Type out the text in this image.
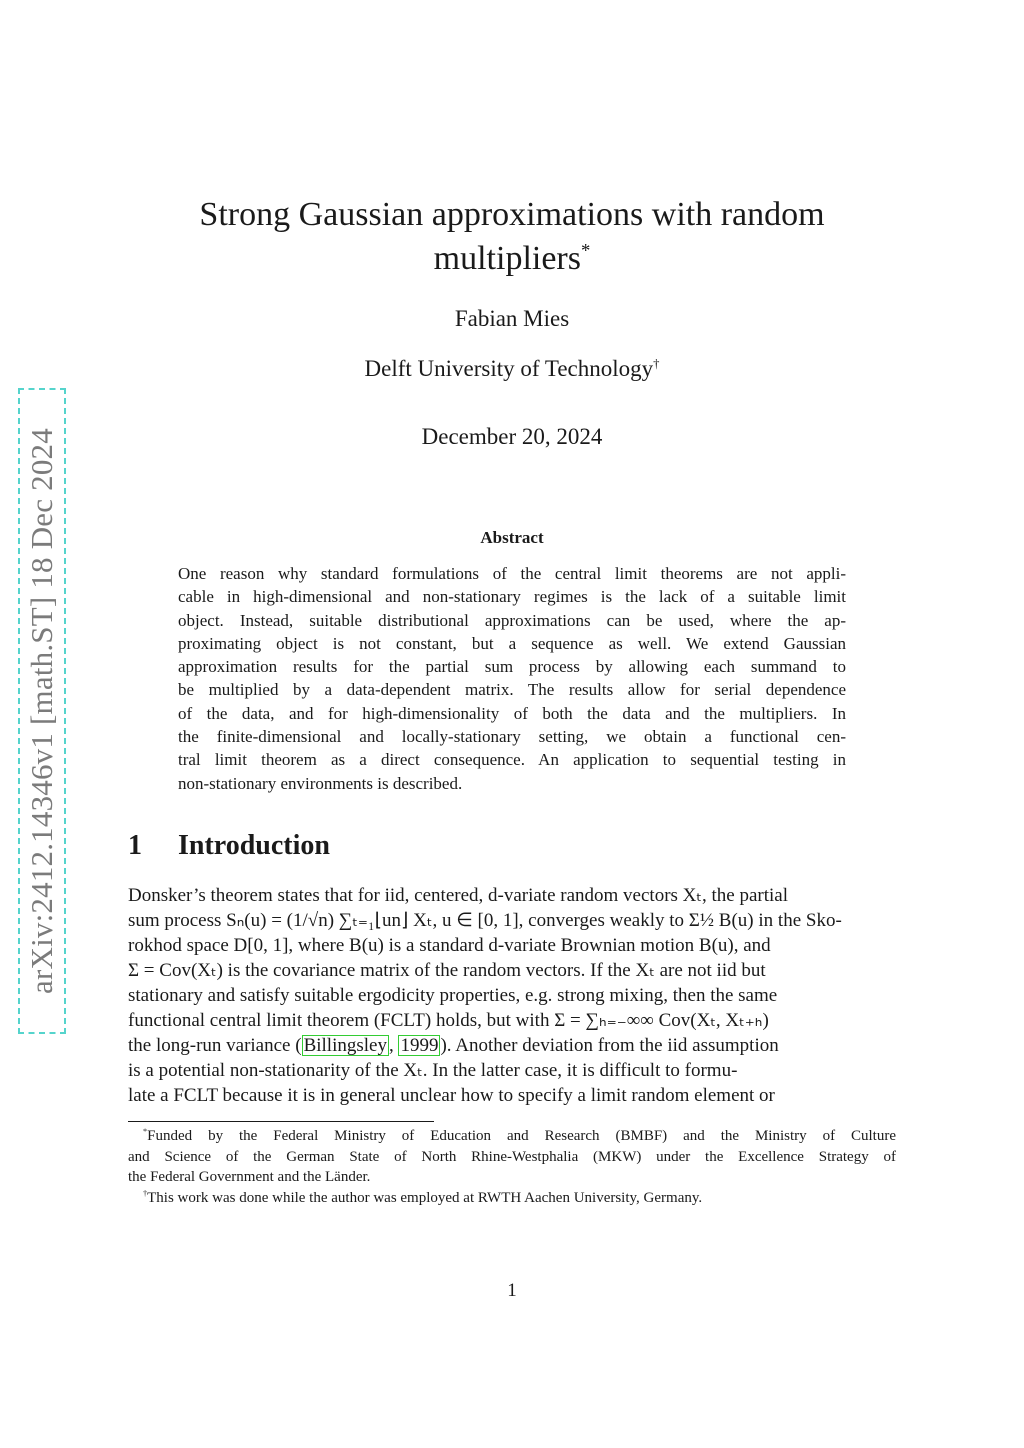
arXiv:2412.14346v1 [math.ST] 18 Dec 2024
Strong Gaussian approximations with random
multipliers*
Fabian Mies
Delft University of Technology†
December 20, 2024
Abstract
One reason why standard formulations of the central limit theorems are not appli-
cable in high-dimensional and non-stationary regimes is the lack of a suitable limit
object. Instead, suitable distributional approximations can be used, where the ap-
proximating object is not constant, but a sequence as well. We extend Gaussian
approximation results for the partial sum process by allowing each summand to
be multiplied by a data-dependent matrix. The results allow for serial dependence
of the data, and for high-dimensionality of both the data and the multipliers. In
the finite-dimensional and locally-stationary setting, we obtain a functional cen-
tral limit theorem as a direct consequence. An application to sequential testing in
non-stationary environments is described.
1	Introduction
Donsker’s theorem states that for iid, centered, d-variate random vectors Xₜ, the partial
sum process Sₙ(u) = (1/√n) ∑ₜ₌₁⌊un⌋ Xₜ, u ∈ [0, 1], converges weakly to Σ½ B(u) in the Sko-
rokhod space D[0, 1], where B(u) is a standard d-variate Brownian motion B(u), and
Σ = Cov(Xₜ) is the covariance matrix of the random vectors. If the Xₜ are not iid but
stationary and satisfy suitable ergodicity properties, e.g. strong mixing, then the same
functional central limit theorem (FCLT) holds, but with Σ = ∑ₕ₌₋∞∞ Cov(Xₜ, Xₜ₊ₕ)
the long-run variance ( Billingsley , 1999 ). Another deviation from the iid assumption
is a potential non-stationarity of the Xₜ. In the latter case, it is difficult to formu-
late a FCLT because it is in general unclear how to specify a limit random element or
 *Funded by the Federal Ministry of Education and Research (BMBF) and the Ministry of Culture
and Science of the German State of North Rhine-Westphalia (MKW) under the Excellence Strategy of
the Federal Government and the Länder.
 †This work was done while the author was employed at RWTH Aachen University, Germany.
1
